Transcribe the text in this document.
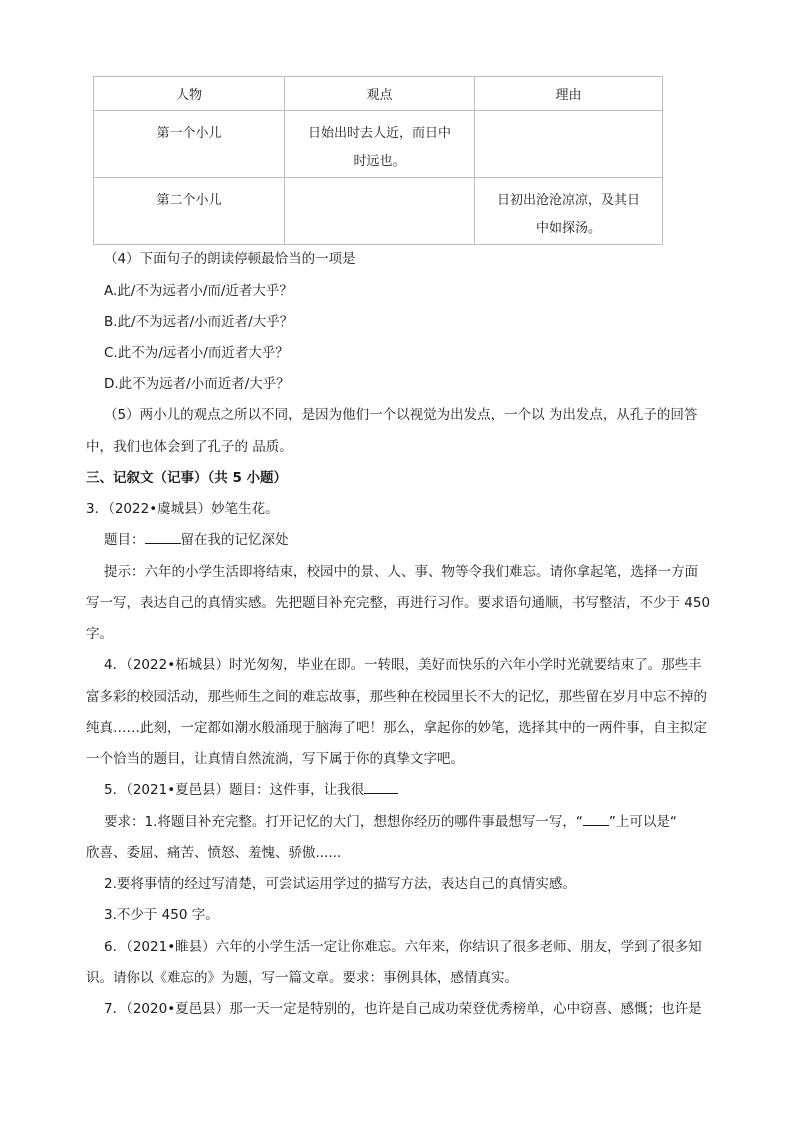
人物	观点	理由

第一个小儿	日始出时去人近，而日中
时远也。	

第二个小儿		日初出沧沧凉凉，及其日
中如探汤。
（4）下面句子的朗读停顿最恰当的一项是
A.此/不为远者小/而/近者大乎？
B.此/不为远者/小而近者/大乎？
C.此不为/远者小/而近者大乎？
D.此不为远者/小而近者/大乎？
（5）两小儿的观点之所以不同，是因为他们一个以视觉为出发点，一个以 为出发点，从孔子的回答
中，我们也体会到了孔子的 品质。
三、记叙文（记事）（共 5 小题）
3．（2022•虞城县）妙笔生花。
题目：	留在我的记忆深处
提示：六年的小学生活即将结束，校园中的景、人、事、物等令我们难忘。请你拿起笔，选择一方面
写一写，表达自己的真情实感。先把题目补充完整，再进行习作。要求语句通顺，书写整洁，不少于 450
字。
4．（2022•柘城县）时光匆匆，毕业在即。一转眼，美好而快乐的六年小学时光就要结束了。那些丰
富多彩的校园活动，那些师生之间的难忘故事，那些种在校园里长不大的记忆，那些留在岁月中忘不掉的
纯真……此刻，一定都如潮水般涌现于脑海了吧！那么，拿起你的妙笔，选择其中的一两件事，自主拟定
一个恰当的题目，让真情自然流淌，写下属于你的真挚文字吧。
5．（2021•夏邑县）题目：这件事，让我很
要求：1.将题目补充完整。打开记忆的大门，想想你经历的哪件事最想写一写，“ ”上可以是“
欣喜、委屈、痛苦、愤怒、羞愧、骄傲......
2.要将事情的经过写清楚，可尝试运用学过的描写方法，表达自己的真情实感。
3.不少于 450 字。
6．（2021•睢县）六年的小学生活一定让你难忘。六年来，你结识了很多老师、朋友，学到了很多知
识。请你以《难忘的》为题，写一篇文章。要求：事例具体，感情真实。
7．（2020•夏邑县）那一天一定是特别的，也许是自己成功荣登优秀榜单，心中窃喜、感慨；也许是
